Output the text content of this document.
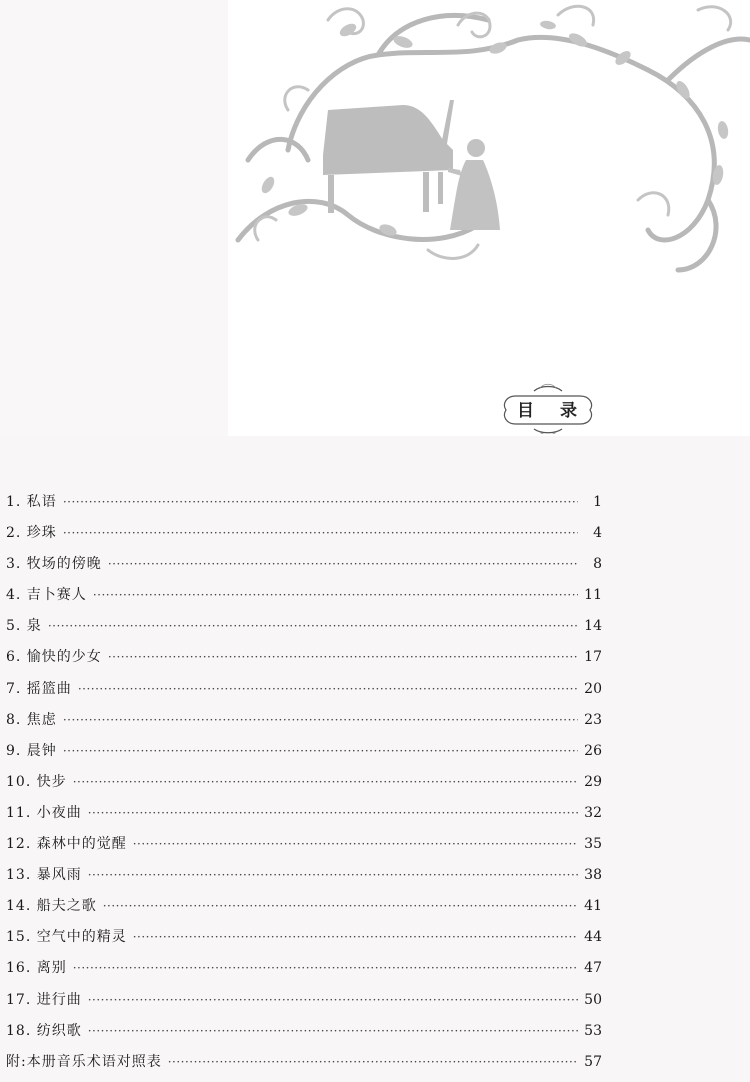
目 录
1. 私语 ·····	1
2. 珍珠 ·····	4
3. 牧场的傍晚 ·····	8
4. 吉卜赛人 ·····	11
5. 泉 ·····	14
6. 愉快的少女 ·····	17
7. 摇篮曲 ·····	20
8. 焦虑 ·····	23
9. 晨钟 ·····	26
10. 快步 ·····	29
11. 小夜曲 ·····	32
12. 森林中的觉醒 ·····	35
13. 暴风雨 ·····	38
14. 船夫之歌 ·····	41
15. 空气中的精灵 ·····	44
16. 离别 ·····	47
17. 进行曲 ·····	50
18. 纺织歌 ·····	53
附:本册音乐术语对照表 ·····	57
